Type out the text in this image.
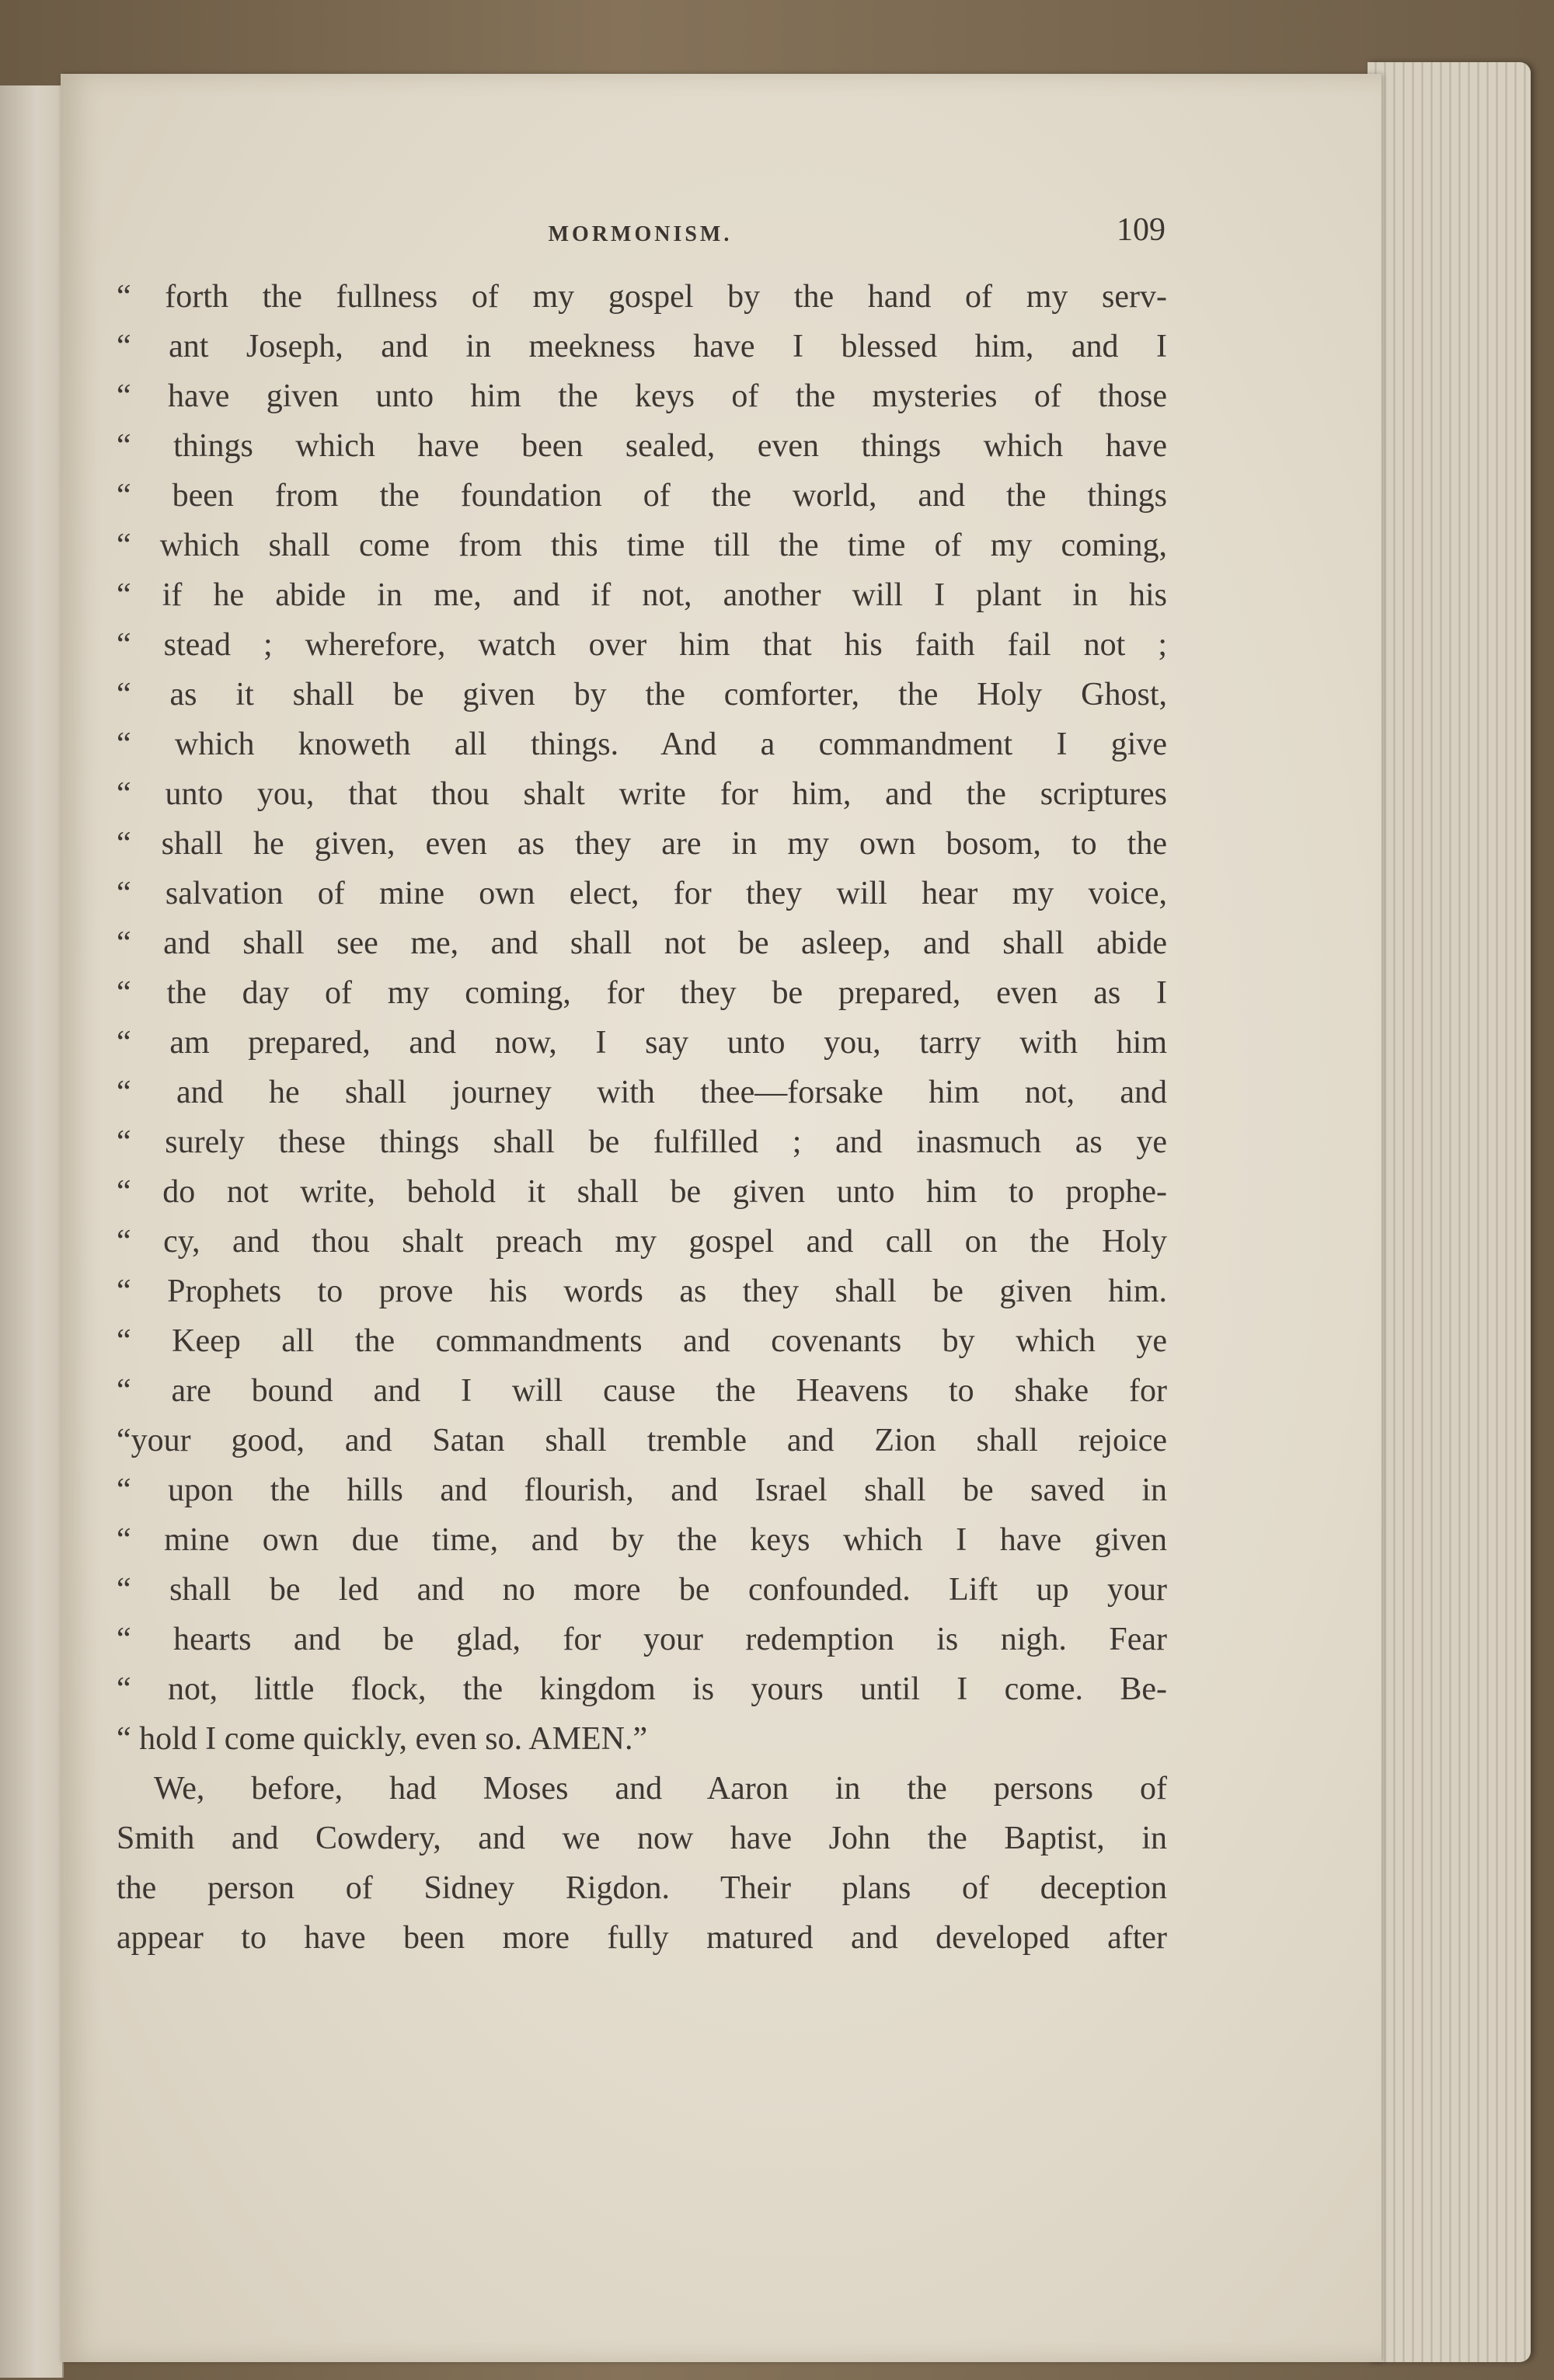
MORMONISM.	109
“ forth the fullness of my gospel by the hand of my serv-
“ ant Joseph, and in meekness have I blessed him, and I
“ have given unto him the keys of the mysteries of those
“ things which have been sealed, even things which have
“ been from the foundation of the world, and the things
“ which shall come from this time till the time of my coming,
“ if he abide in me, and if not, another will I plant in his
“ stead ; wherefore, watch over him that his faith fail not ;
“ as it shall be given by the comforter, the Holy Ghost,
“ which knoweth all things. And a commandment I give
“ unto you, that thou shalt write for him, and the scriptures
“ shall he given, even as they are in my own bosom, to the
“ salvation of mine own elect, for they will hear my voice,
“ and shall see me, and shall not be asleep, and shall abide
“ the day of my coming, for they be prepared, even as I
“ am prepared, and now, I say unto you, tarry with him
“ and he shall journey with thee—forsake him not, and
“ surely these things shall be fulfilled ; and inasmuch as ye
“ do not write, behold it shall be given unto him to prophe-
“ cy, and thou shalt preach my gospel and call on the Holy
“ Prophets to prove his words as they shall be given him.
“ Keep all the commandments and covenants by which ye
“ are bound and I will cause the Heavens to shake for
“your good, and Satan shall tremble and Zion shall rejoice
“ upon the hills and flourish, and Israel shall be saved in
“ mine own due time, and by the keys which I have given
“ shall be led and no more be confounded. Lift up your
“ hearts and be glad, for your redemption is nigh. Fear
“ not, little flock, the kingdom is yours until I come. Be-
“ hold I come quickly, even so. AMEN.”
We, before, had Moses and Aaron in the persons of
Smith and Cowdery, and we now have John the Baptist, in
the person of Sidney Rigdon. Their plans of deception
appear to have been more fully matured and developed after
